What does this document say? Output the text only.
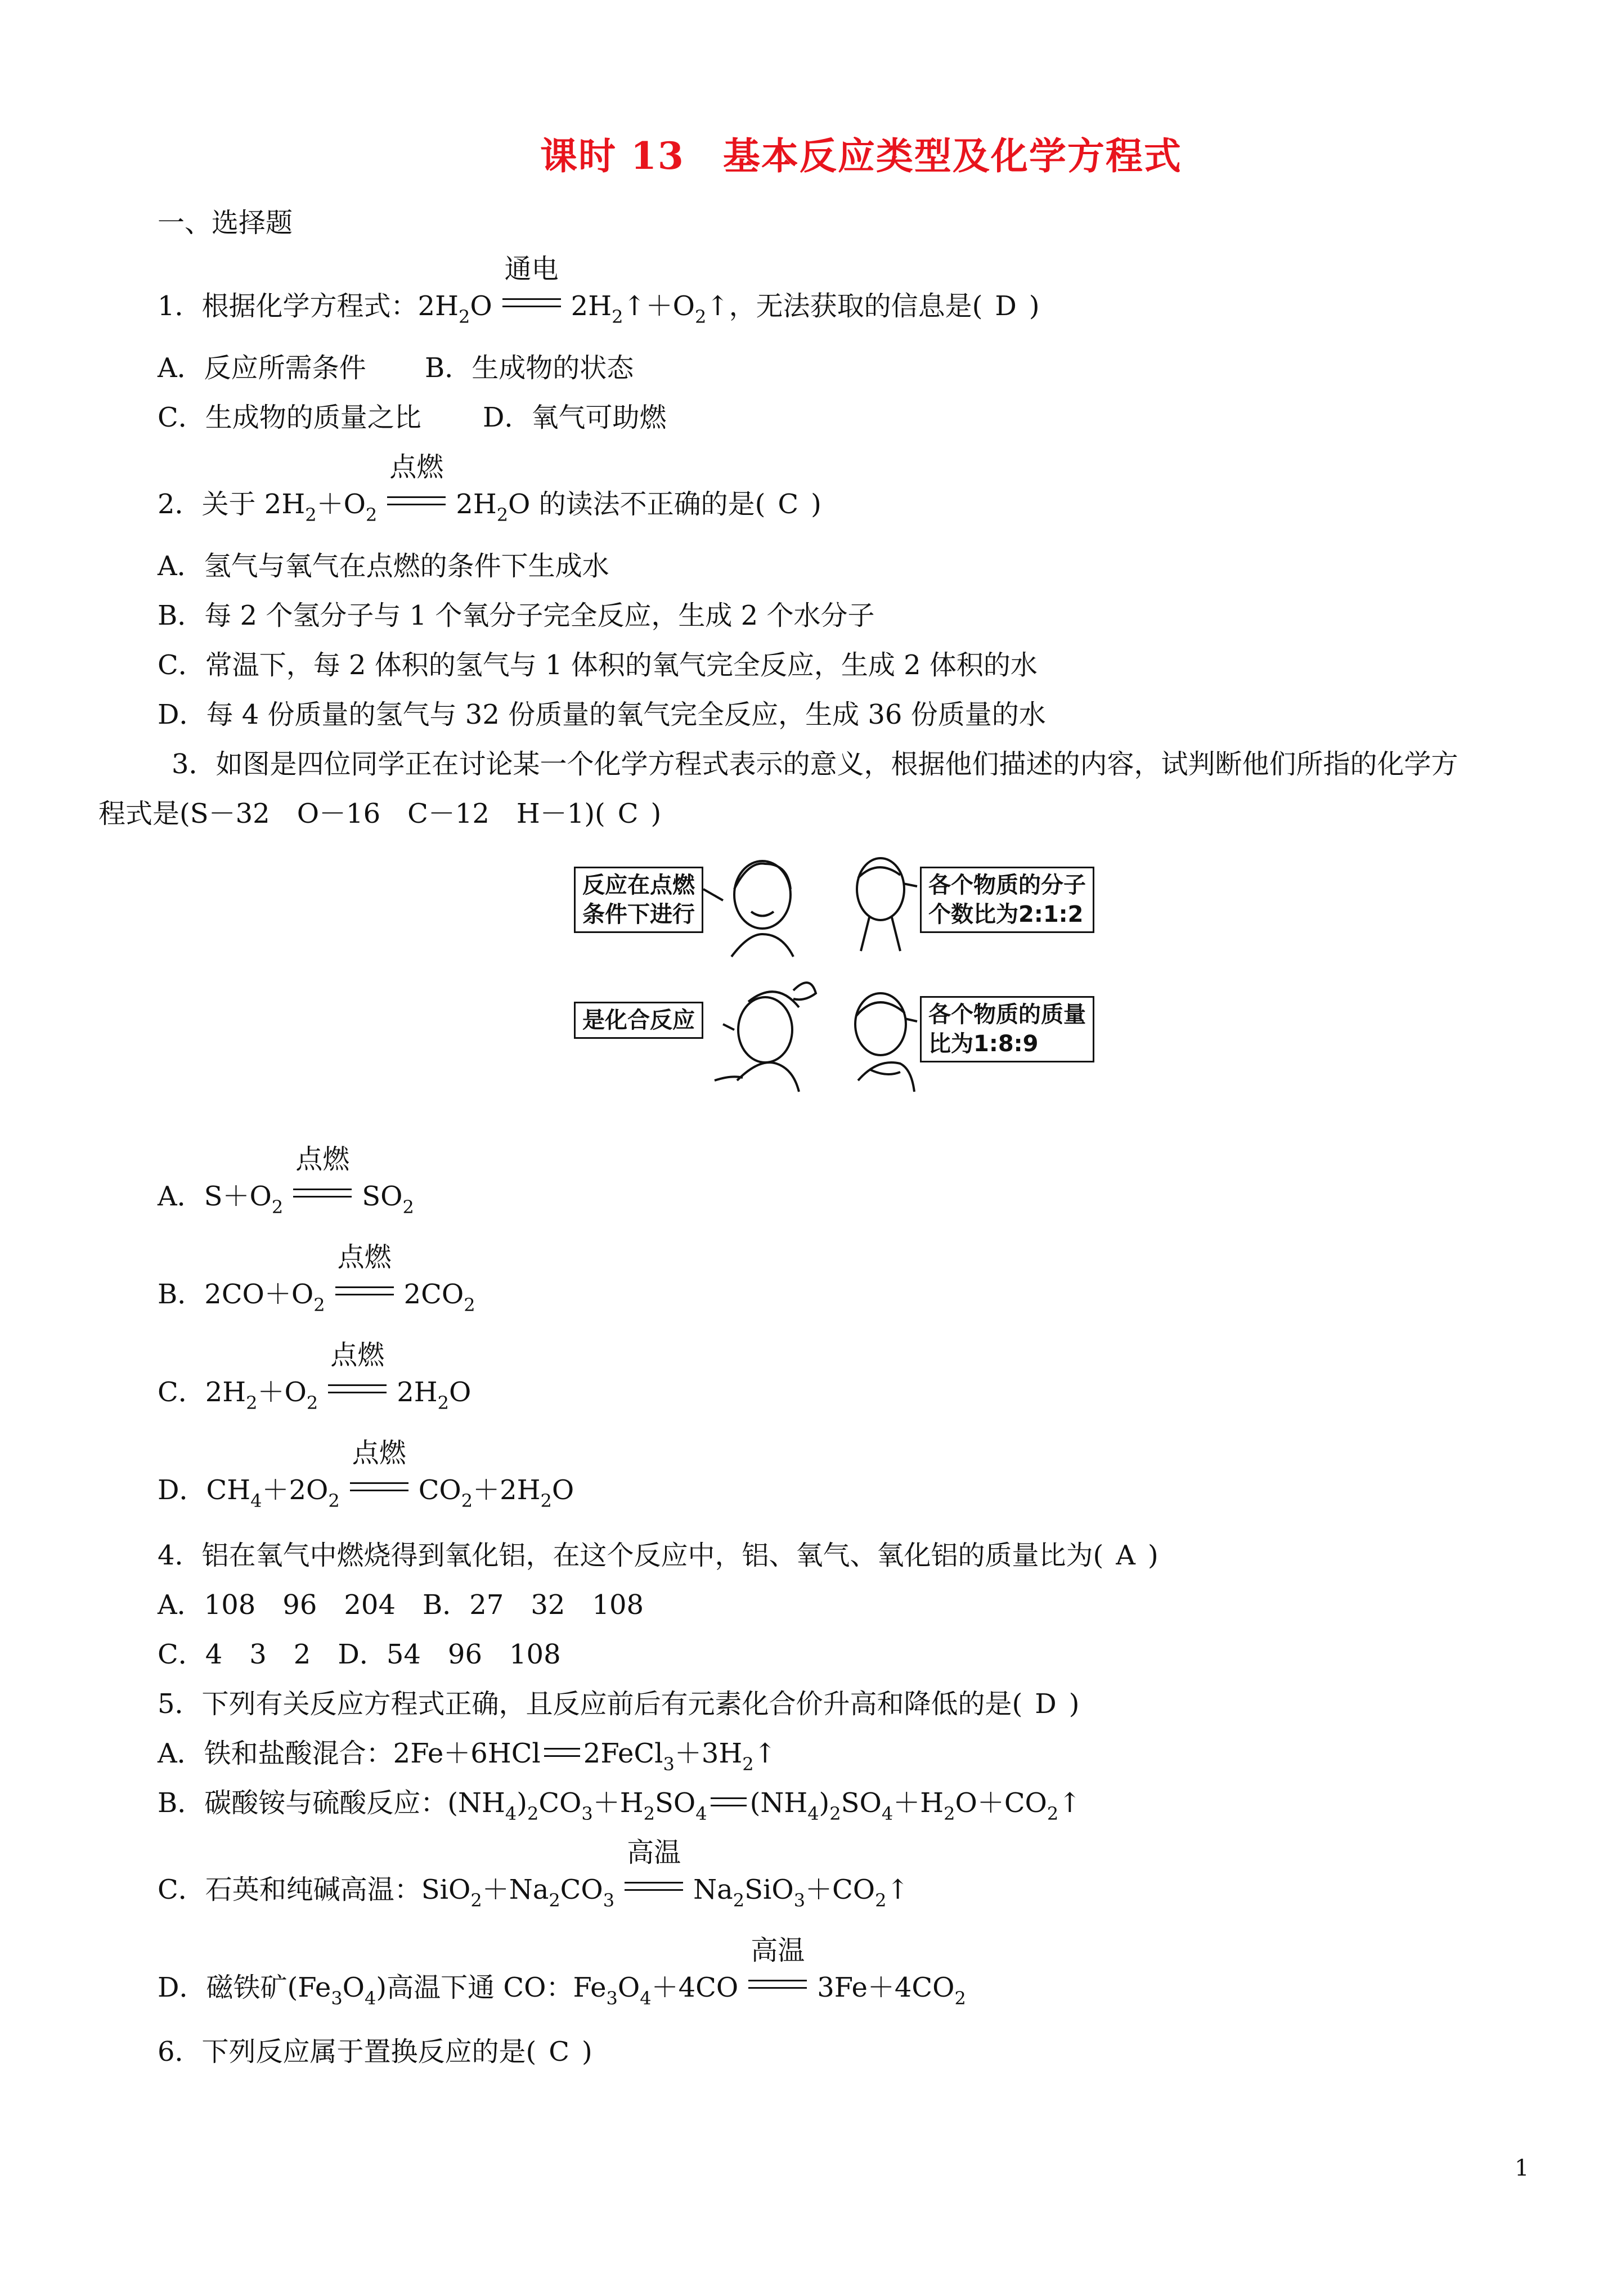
课时 13　基本反应类型及化学方程式
一、选择题
1．根据化学方程式：$2H_2O$
通电
$2H_2↑+O_2↑$，无法获取的信息是( D )
A．反应所需条件 B．生成物的状态
C．生成物的质量之比 D．氧气可助燃
2．关于 $2H_2+O_2$
点燃
$2H_2O$ 的读法不正确的是( C )
A．氢气与氧气在点燃的条件下生成水
B．每 2 个氢分子与 1 个氧分子完全反应，生成 2 个水分子
C．常温下，每 2 体积的氢气与 1 体积的氧气完全反应，生成 2 体积的水
D．每 4 份质量的氢气与 32 份质量的氧气完全反应，生成 36 份质量的水
3．如图是四位同学正在讨论某一个化学方程式表示的意义，根据他们描述的内容，试判断他们所指的化学方
程式是(S－32　O－16　C－12　H－1)( C )
反应在点燃
条件下进行
各个物质的分子
个数比为2:1:2
是化合反应	各个物质的质量
比为1:8:9
A．$S+O_2$
点燃
$SO_2$
B．$2CO+O_2$
点燃
$2CO_2$
C．$2H_2+O_2$
点燃
$2H_2O$
D．$CH_4+2O_2$
点燃
$CO_2+2H_2O$
4．铝在氧气中燃烧得到氧化铝，在这个反应中，铝、氧气、氧化铝的质量比为( A )
A．108　96　204　B．27　32　108
C．4　3　2　D．54　96　108
5．下列有关反应方程式正确，且反应前后有元素化合价升高和降低的是( D )
A．铁和盐酸混合：2Fe＋6HCl $2FeCl_3+3H_2↑$
B．碳酸铵与硫酸反应：$(NH_4)_2CO_3+H_2SO_4$ $(NH_4)_2SO_4+H_2O+CO_2↑$
C．石英和纯碱高温：$SiO_2+Na_2CO_3$
高温
$Na_2SiO_3+CO_2↑$
D．磁铁矿$(Fe_3O_4)$高温下通 CO：$Fe_3O_4+4CO$
高温
$3Fe+4CO_2$
6．下列反应属于置换反应的是( C )
1
